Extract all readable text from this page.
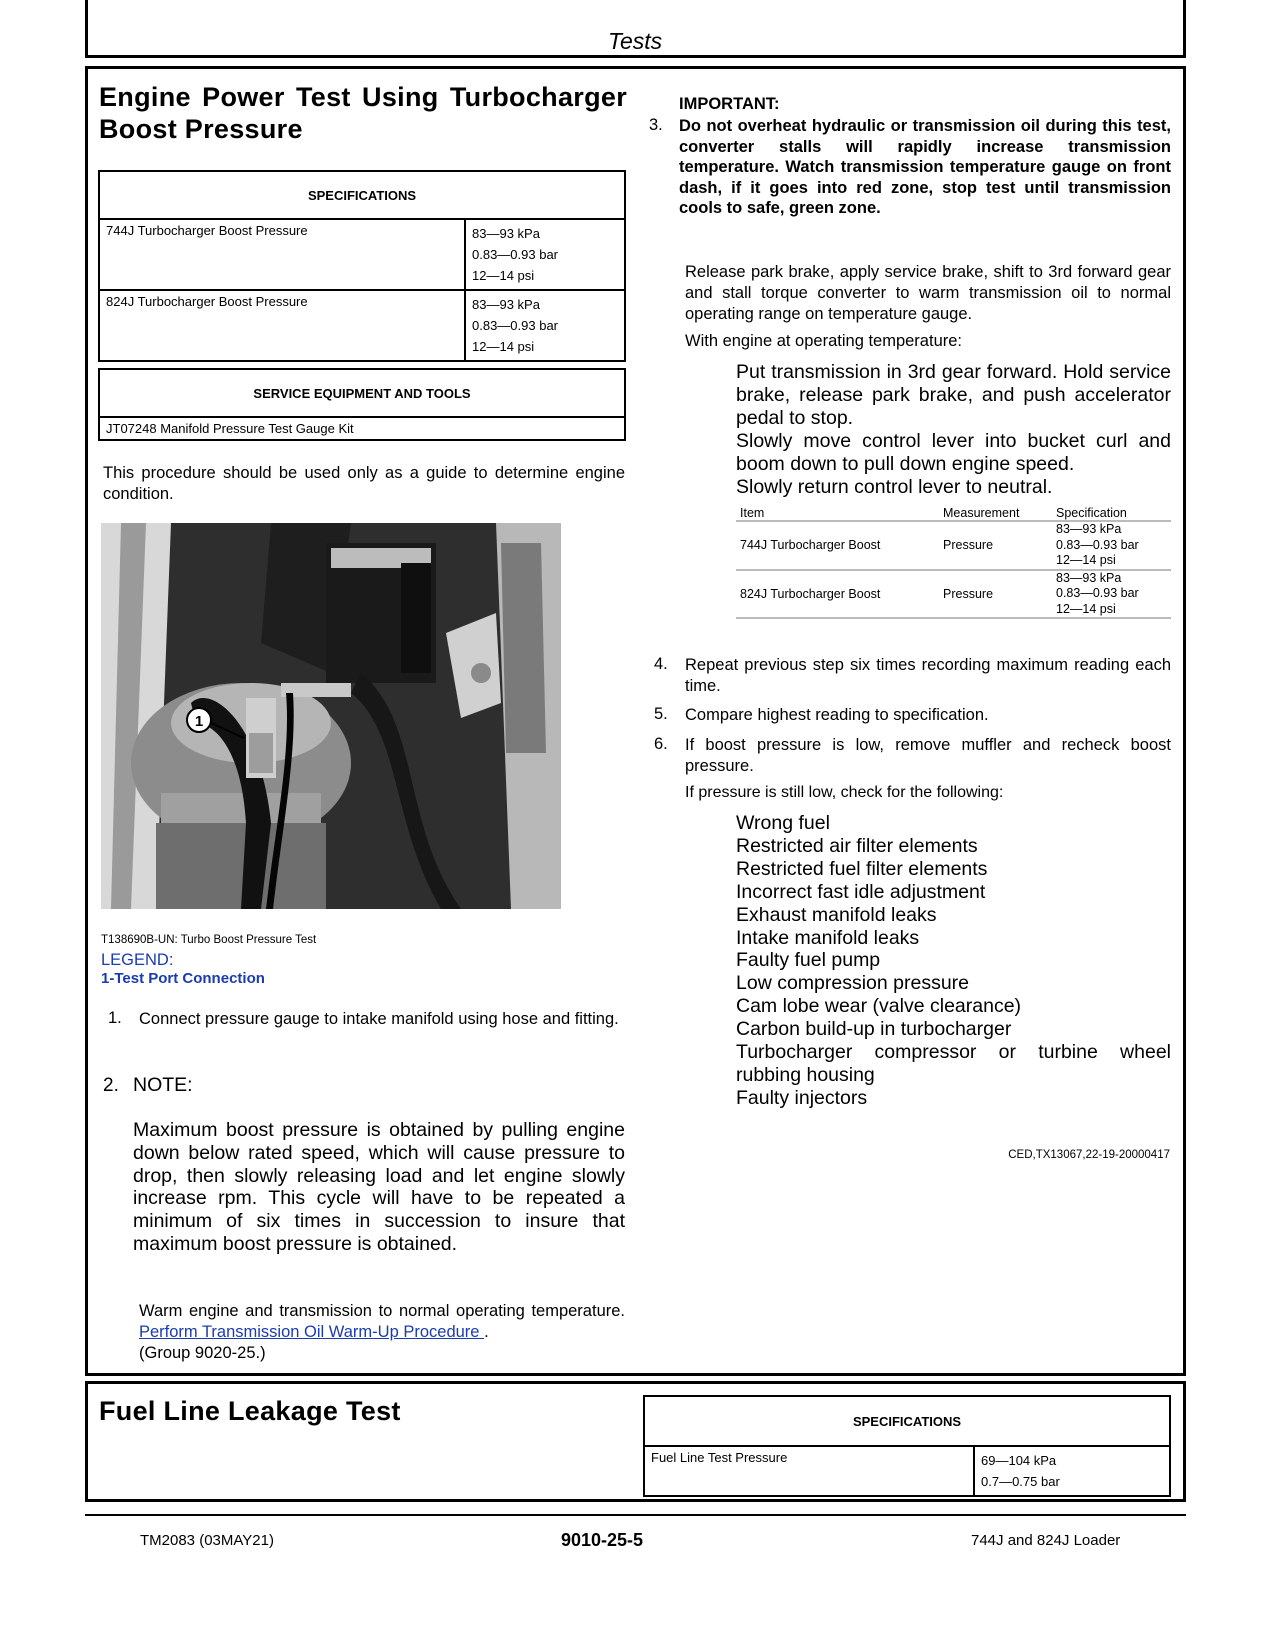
Tests
Engine Power Test Using Turbocharger
Boost Pressure
SPECIFICATIONS	
744J Turbocharger Boost Pressure	83—93 kPa
0.83—0.93 bar
12—14 psi

824J Turbocharger Boost Pressure	83—93 kPa
0.83—0.93 bar
12—14 psi
SERVICE EQUIPMENT AND TOOLS
JT07248 Manifold Pressure Test Gauge Kit
This procedure should be used only as a guide to determine engine condition.
1
T138690B-UN: Turbo Boost Pressure Test
LEGEND:
1-Test Port Connection
1. Connect pressure gauge to intake manifold using hose and fitting.
2. NOTE:
Maximum boost pressure is obtained by pulling engine down below rated speed, which will cause pressure to drop, then slowly releasing load and let engine slowly increase rpm. This cycle will have to be repeated a minimum of six times in succession to insure that maximum boost pressure is obtained.
Warm engine and transmission to normal operating temperature. Perform Transmission Oil Warm-Up Procedure .
(Group 9020-25.)
IMPORTANT:
3. Do not overheat hydraulic or transmission oil during this test, converter stalls will rapidly increase transmission temperature. Watch transmission temperature gauge on front dash, if it goes into red zone, stop test until transmission cools to safe, green zone.
Release park brake, apply service brake, shift to 3rd forward gear and stall torque converter to warm transmission oil to normal operating range on temperature gauge.
With engine at operating temperature:
Put transmission in 3rd gear forward. Hold service brake, release park brake, and push accelerator pedal to stop.
Slowly move control lever into bucket curl and boom down to pull down engine speed.
Slowly return control lever to neutral.
Item	Measurement	Specification
744J Turbocharger Boost	Pressure	83—93 kPa
0.83—0.93 bar
12—14 psi

824J Turbocharger Boost	Pressure	83—93 kPa
0.83—0.93 bar
12—14 psi
4. Repeat previous step six times recording maximum reading each time.
5. Compare highest reading to specification.
6. If boost pressure is low, remove muffler and recheck boost pressure.
If pressure is still low, check for the following:
Wrong fuel
Restricted air filter elements
Restricted fuel filter elements
Incorrect fast idle adjustment
Exhaust manifold leaks
Intake manifold leaks
Faulty fuel pump
Low compression pressure
Cam lobe wear (valve clearance)
Carbon build-up in turbocharger
Turbocharger compressor or turbine wheel rubbing housing
Faulty injectors
CED,TX13067,22-19-20000417
Fuel Line Leakage Test	SPECIFICATIONS
Fuel Line Test Pressure	69—104 kPa
0.7—0.75 bar
TM2083 (03MAY21)	9010-25-5	744J and 824J Loader
